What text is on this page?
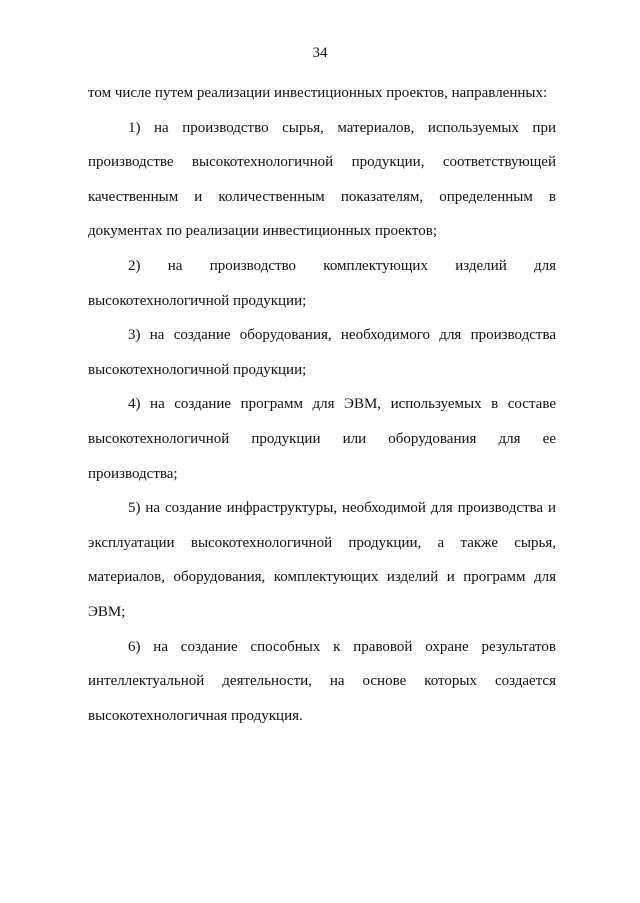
34

том числе путем реализации инвестиционных проектов, направленных:

1) на производство сырья, материалов, используемых при производстве высокотехнологичной продукции, соответствующей качественным и количественным показателям, определенным в документах по реализации инвестиционных проектов;

2) на производство комплектующих изделий для высокотехнологичной продукции;

3) на создание оборудования, необходимого для производства высокотехнологичной продукции;

4) на создание программ для ЭВМ, используемых в составе высокотехнологичной продукции или оборудования для ее производства;

5) на создание инфраструктуры, необходимой для производства и эксплуатации высокотехнологичной продукции, а также сырья, материалов, оборудования, комплектующих изделий и программ для ЭВМ;

6) на создание способных к правовой охране результатов интеллектуальной деятельности, на основе которых создается высокотехнологичная продукция.
